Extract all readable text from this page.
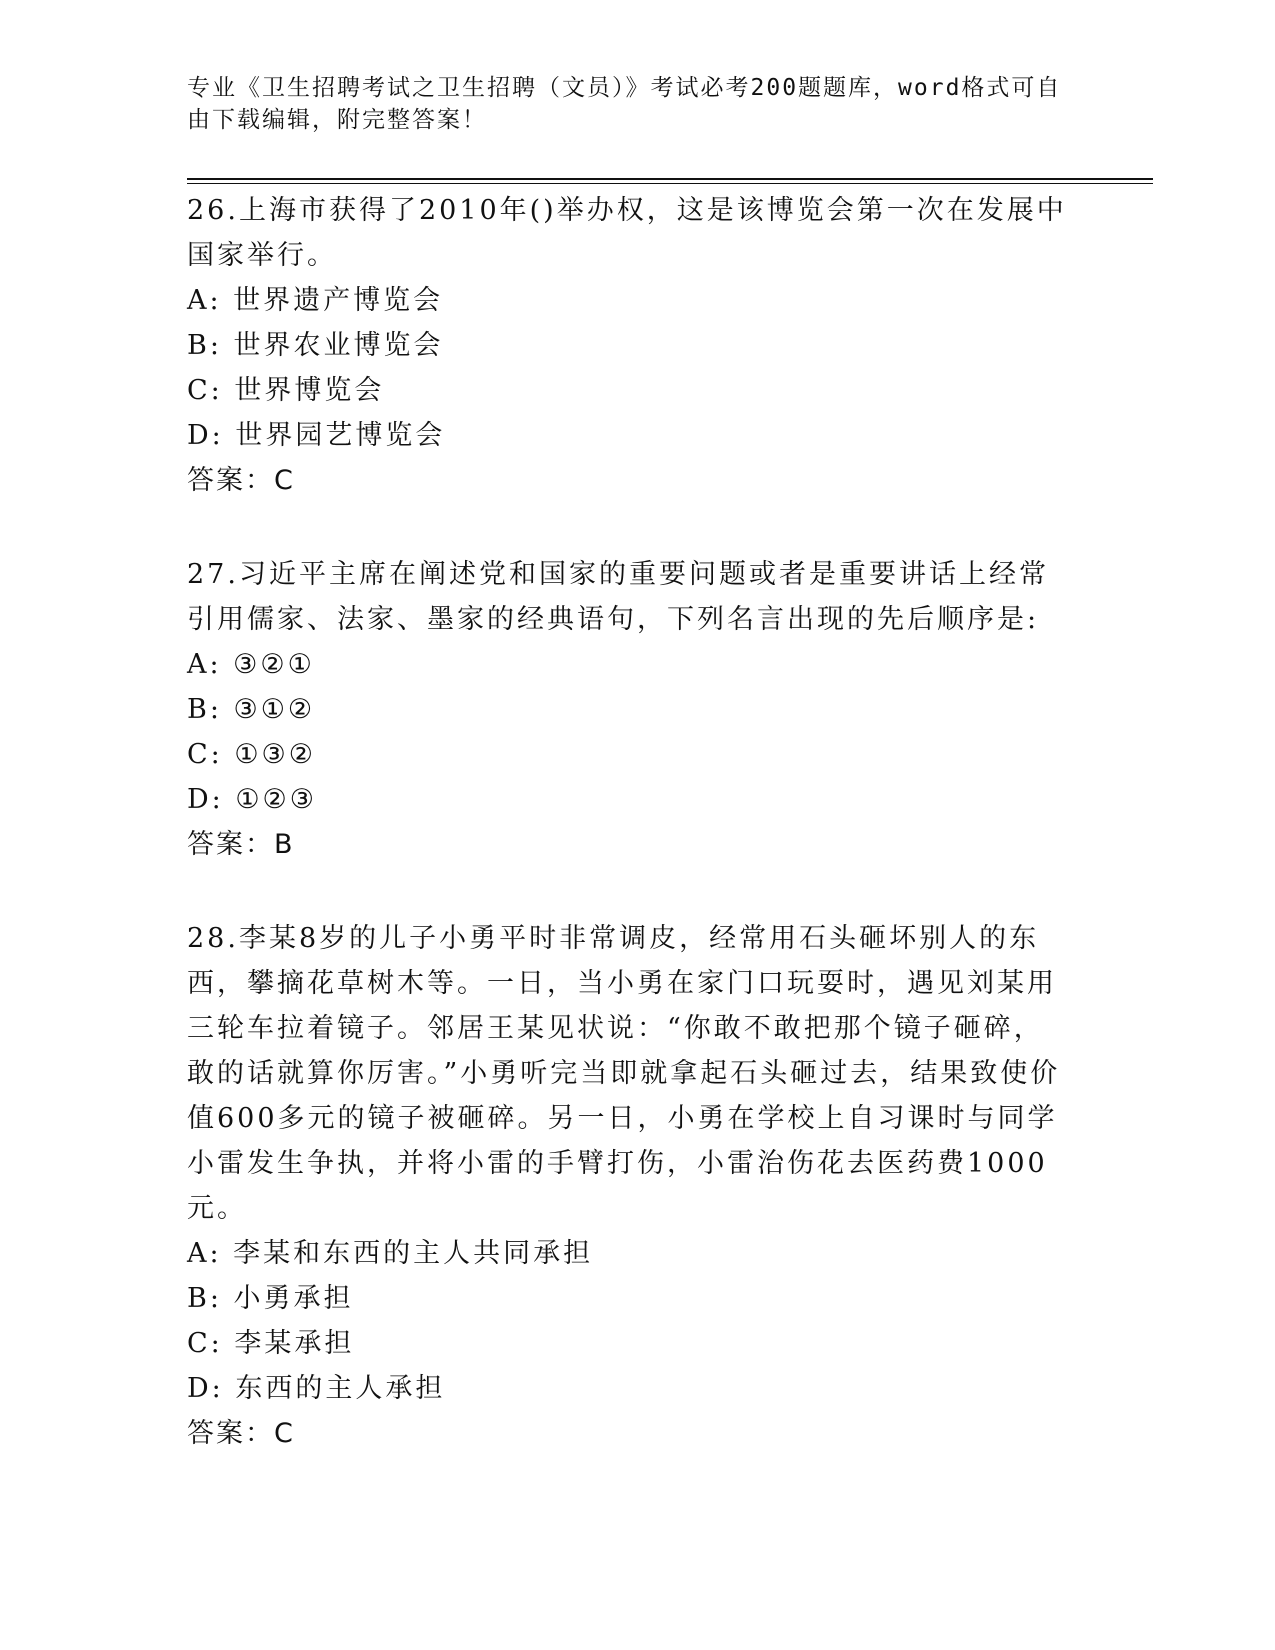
专业《卫生招聘考试之卫生招聘（文员）》考试必考200题题库，word格式可自由下载编辑，附完整答案！

26.上海市获得了2010年()举办权，这是该博览会第一次在发展中国家举行。

A: 世界遗产博览会
B: 世界农业博览会
C: 世界博览会
D: 世界园艺博览会
答案：C

27.习近平主席在阐述党和国家的重要问题或者是重要讲话上经常引用儒家、法家、墨家的经典语句，下列名言出现的先后顺序是:

A: ③②①
B: ③①②
C: ①③②
D: ①②③
答案：B

28.李某8岁的儿子小勇平时非常调皮，经常用石头砸坏别人的东西，攀摘花草树木等。一日，当小勇在家门口玩耍时，遇见刘某用三轮车拉着镜子。邻居王某见状说：“你敢不敢把那个镜子砸碎，敢的话就算你厉害。”小勇听完当即就拿起石头砸过去，结果致使价值600多元的镜子被砸碎。另一日，小勇在学校上自习课时与同学小雷发生争执，并将小雷的手臂打伤，小雷治伤花去医药费1000元。

A: 李某和东西的主人共同承担
B: 小勇承担
C: 李某承担
D: 东西的主人承担
答案：C
